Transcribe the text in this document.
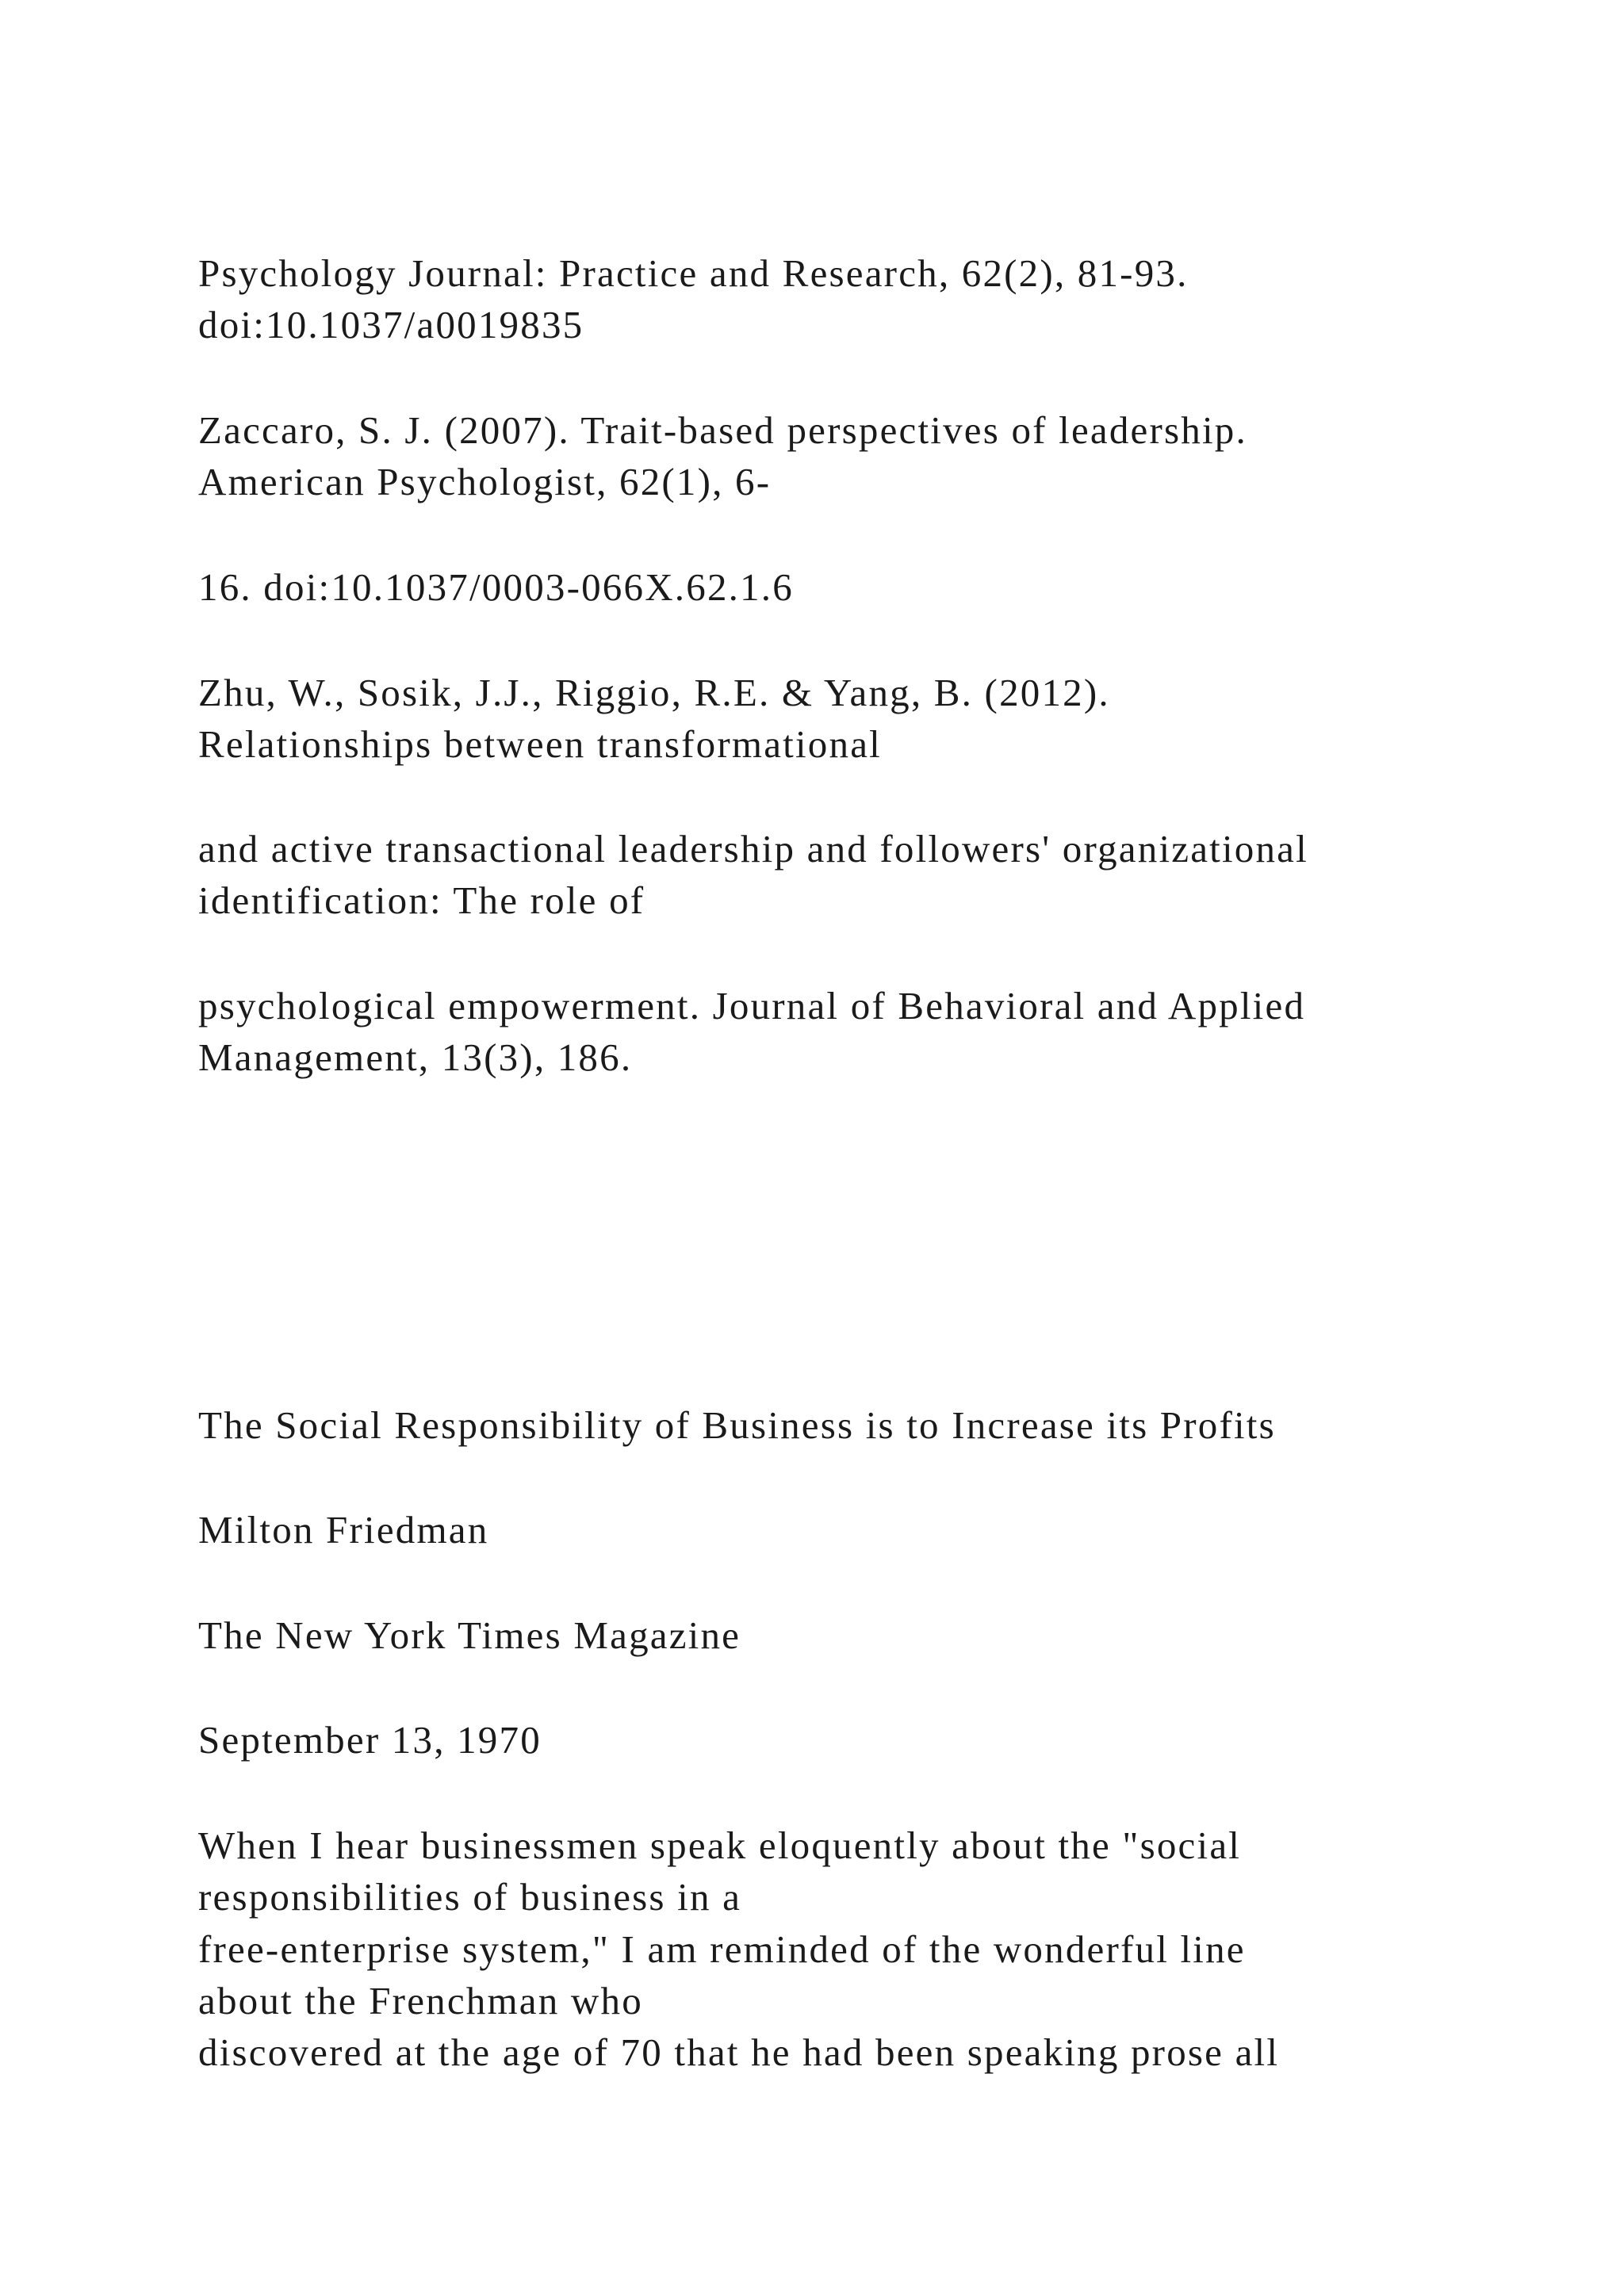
Psychology Journal: Practice and Research, 62(2), 81-93.

doi:10.1037/a0019835

Zaccaro, S. J. (2007). Trait-based perspectives of leadership.

American Psychologist, 62(1), 6-

16. doi:10.1037/0003-066X.62.1.6

Zhu, W., Sosik, J.J., Riggio, R.E. & Yang, B. (2012).

Relationships between transformational

and active transactional leadership and followers' organizational

identification: The role of

psychological empowerment. Journal of Behavioral and Applied

Management, 13(3), 186.

The Social Responsibility of Business is to Increase its Profits

Milton Friedman

The New York Times Magazine

September 13, 1970

When I hear businessmen speak eloquently about the "social

responsibilities of business in a

free-enterprise system," I am reminded of the wonderful line

about the Frenchman who

discovered at the age of 70 that he had been speaking prose all
